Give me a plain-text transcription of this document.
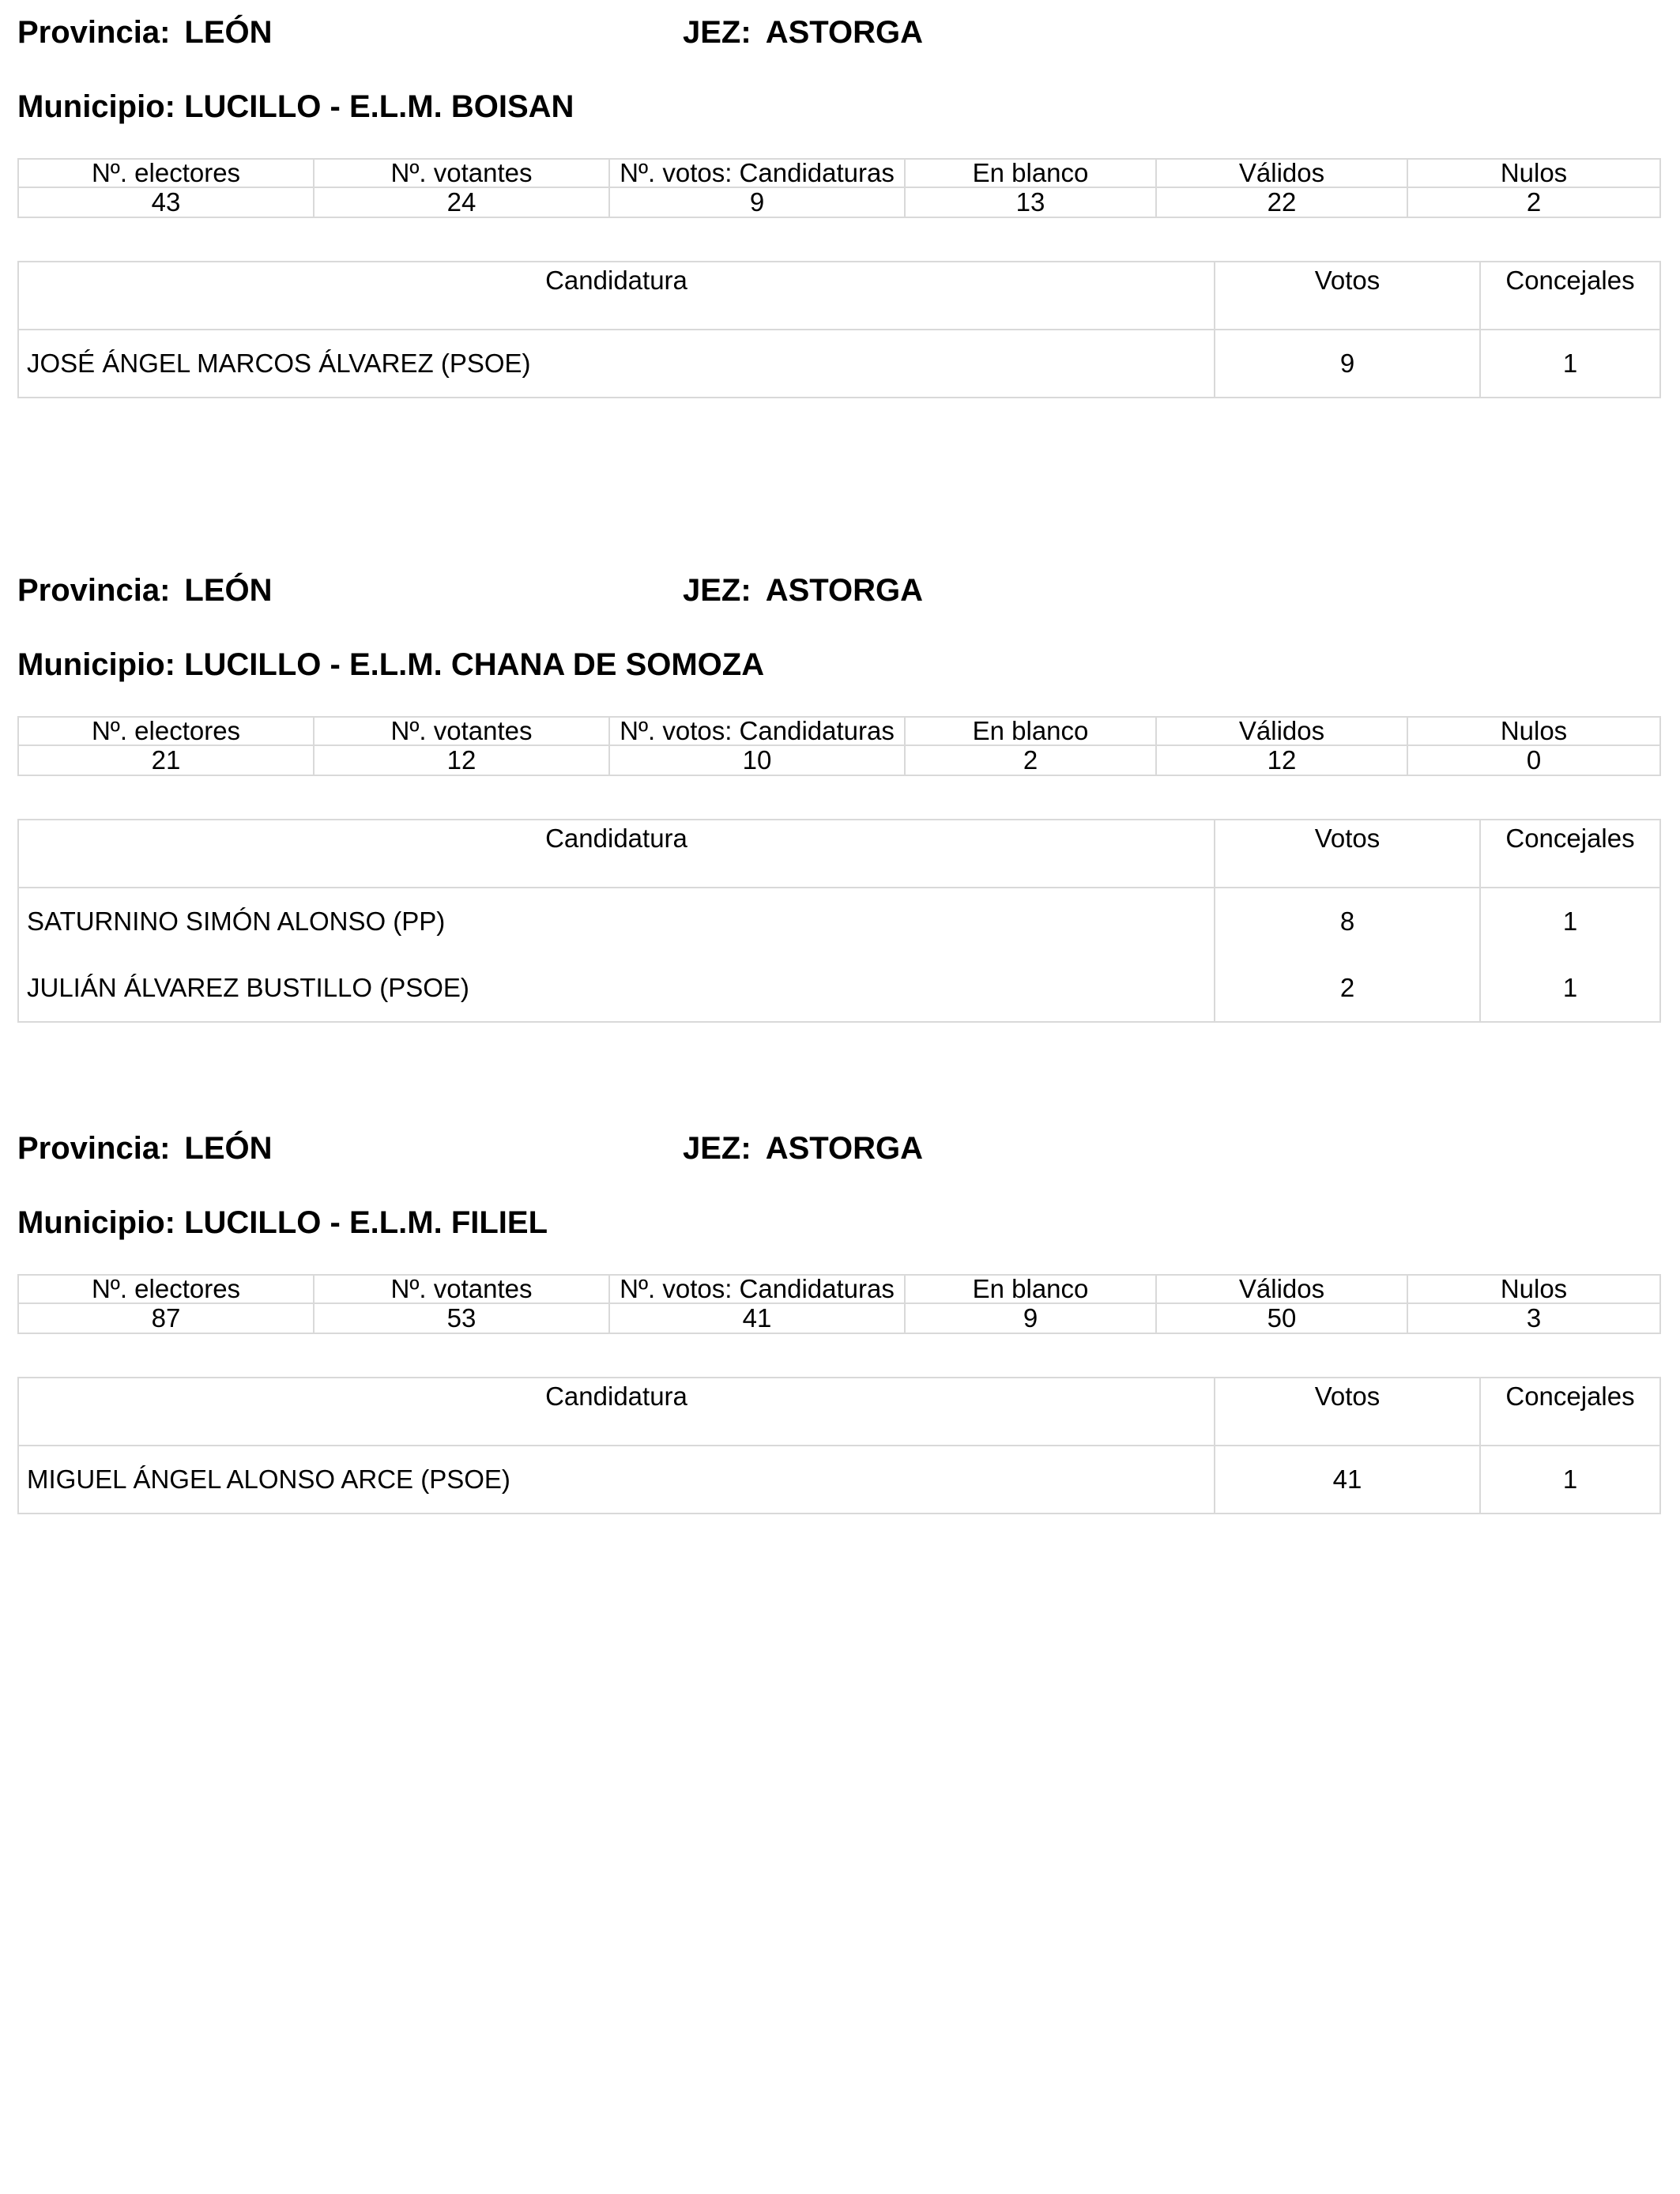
Provincia: LEÓN	JEZ: ASTORGA
Municipio: LUCILLO - E.L.M. BOISAN
Nº. electores	Nº. votantes	Nº. votos: Candidaturas	En blanco	Válidos	Nulos
43	24	9	13	22	2
Candidatura	Votos	Concejales
JOSÉ ÁNGEL MARCOS ÁLVAREZ (PSOE)	9	1
Provincia: LEÓN	JEZ: ASTORGA
Municipio: LUCILLO - E.L.M. CHANA DE SOMOZA
Nº. electores	Nº. votantes	Nº. votos: Candidaturas	En blanco	Válidos	Nulos
21	12	10	2	12	0
Candidatura	Votos	Concejales
SATURNINO SIMÓN ALONSO (PP)	8	1
JULIÁN ÁLVAREZ BUSTILLO (PSOE)	2	1
Provincia: LEÓN	JEZ: ASTORGA
Municipio: LUCILLO - E.L.M. FILIEL
Nº. electores	Nº. votantes	Nº. votos: Candidaturas	En blanco	Válidos	Nulos
87	53	41	9	50	3
Candidatura	Votos	Concejales
MIGUEL ÁNGEL ALONSO ARCE (PSOE)	41	1
